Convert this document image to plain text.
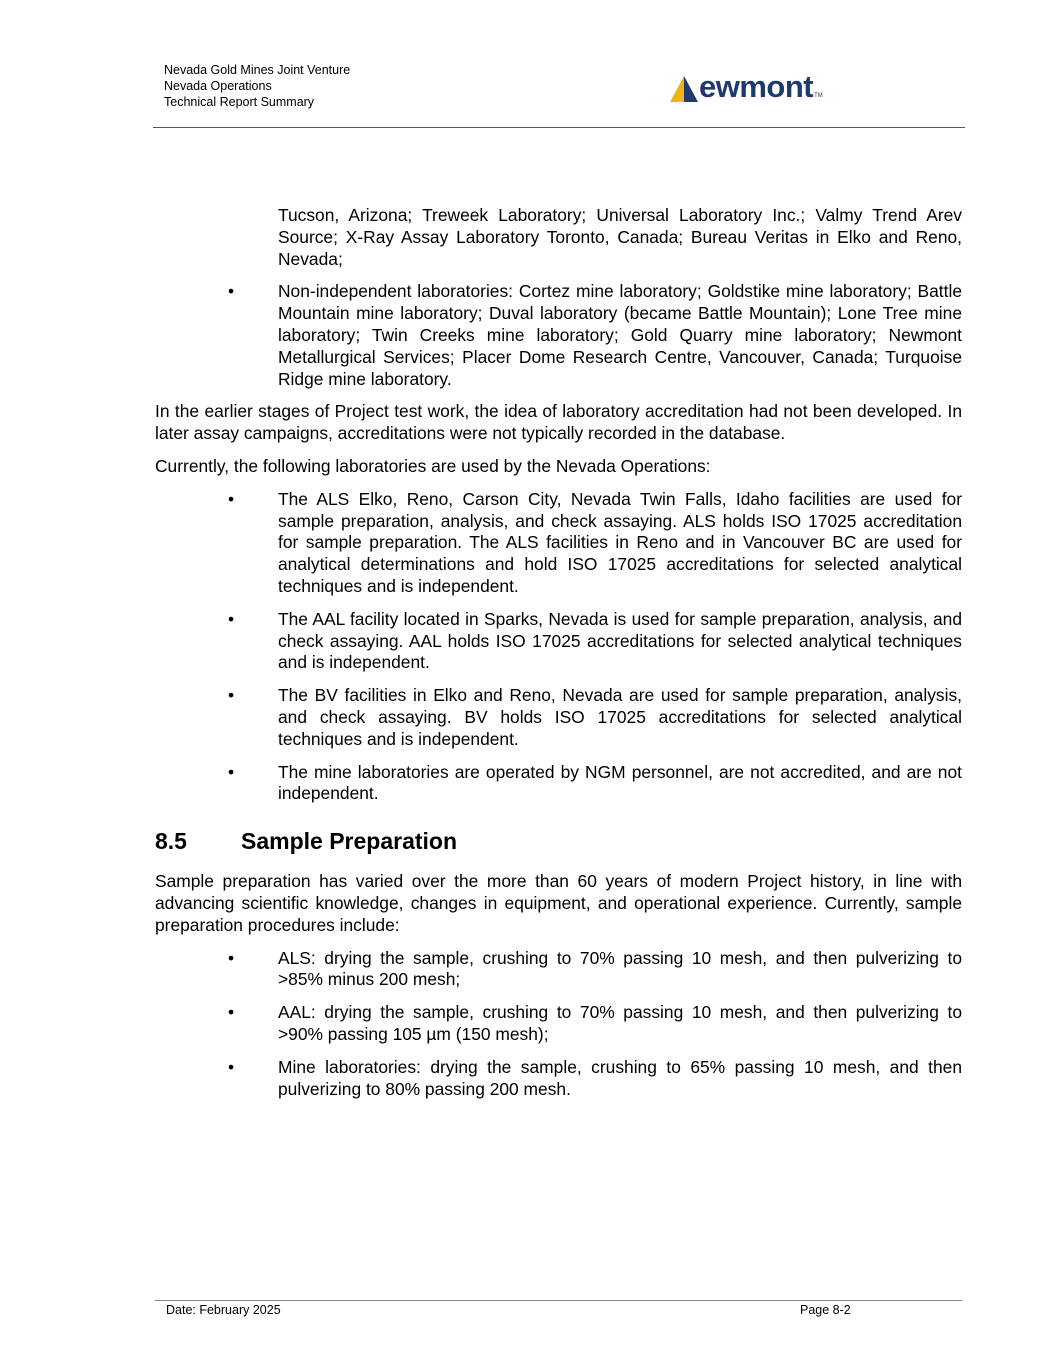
Nevada Gold Mines Joint Venture
Nevada Operations
Technical Report Summary	ewmont TM

Tucson, Arizona; Treweek Laboratory; Universal Laboratory Inc.; Valmy Trend Arev Source; X-Ray Assay Laboratory Toronto, Canada; Bureau Veritas in Elko and Reno, Nevada;

•	Non-independent laboratories: Cortez mine laboratory; Goldstike mine laboratory; Battle Mountain mine laboratory; Duval laboratory (became Battle Mountain); Lone Tree mine laboratory; Twin Creeks mine laboratory; Gold Quarry mine laboratory; Newmont Metallurgical Services; Placer Dome Research Centre, Vancouver, Canada; Turquoise Ridge mine laboratory.

In the earlier stages of Project test work, the idea of laboratory accreditation had not been developed. In later assay campaigns, accreditations were not typically recorded in the database.

Currently, the following laboratories are used by the Nevada Operations:

•	The ALS Elko, Reno, Carson City, Nevada Twin Falls, Idaho facilities are used for sample preparation, analysis, and check assaying. ALS holds ISO 17025 accreditation for sample preparation. The ALS facilities in Reno and in Vancouver BC are used for analytical determinations and hold ISO 17025 accreditations for selected analytical techniques and is independent.
•	The AAL facility located in Sparks, Nevada is used for sample preparation, analysis, and check assaying. AAL holds ISO 17025 accreditations for selected analytical techniques and is independent.
•	The BV facilities in Elko and Reno, Nevada are used for sample preparation, analysis, and check assaying. BV holds ISO 17025 accreditations for selected analytical techniques and is independent.
•	The mine laboratories are operated by NGM personnel, are not accredited, and are not independent.
8.5 Sample Preparation

Sample preparation has varied over the more than 60 years of modern Project history, in line with advancing scientific knowledge, changes in equipment, and operational experience. Currently, sample preparation procedures include:

•	ALS: drying the sample, crushing to 70% passing 10 mesh, and then pulverizing to >85% minus 200 mesh;
•	AAL: drying the sample, crushing to 70% passing 10 mesh, and then pulverizing to >90% passing 105 µm (150 mesh);
•	Mine laboratories: drying the sample, crushing to 65% passing 10 mesh, and then pulverizing to 80% passing 200 mesh.
Date: February 2025	Page 8-2
